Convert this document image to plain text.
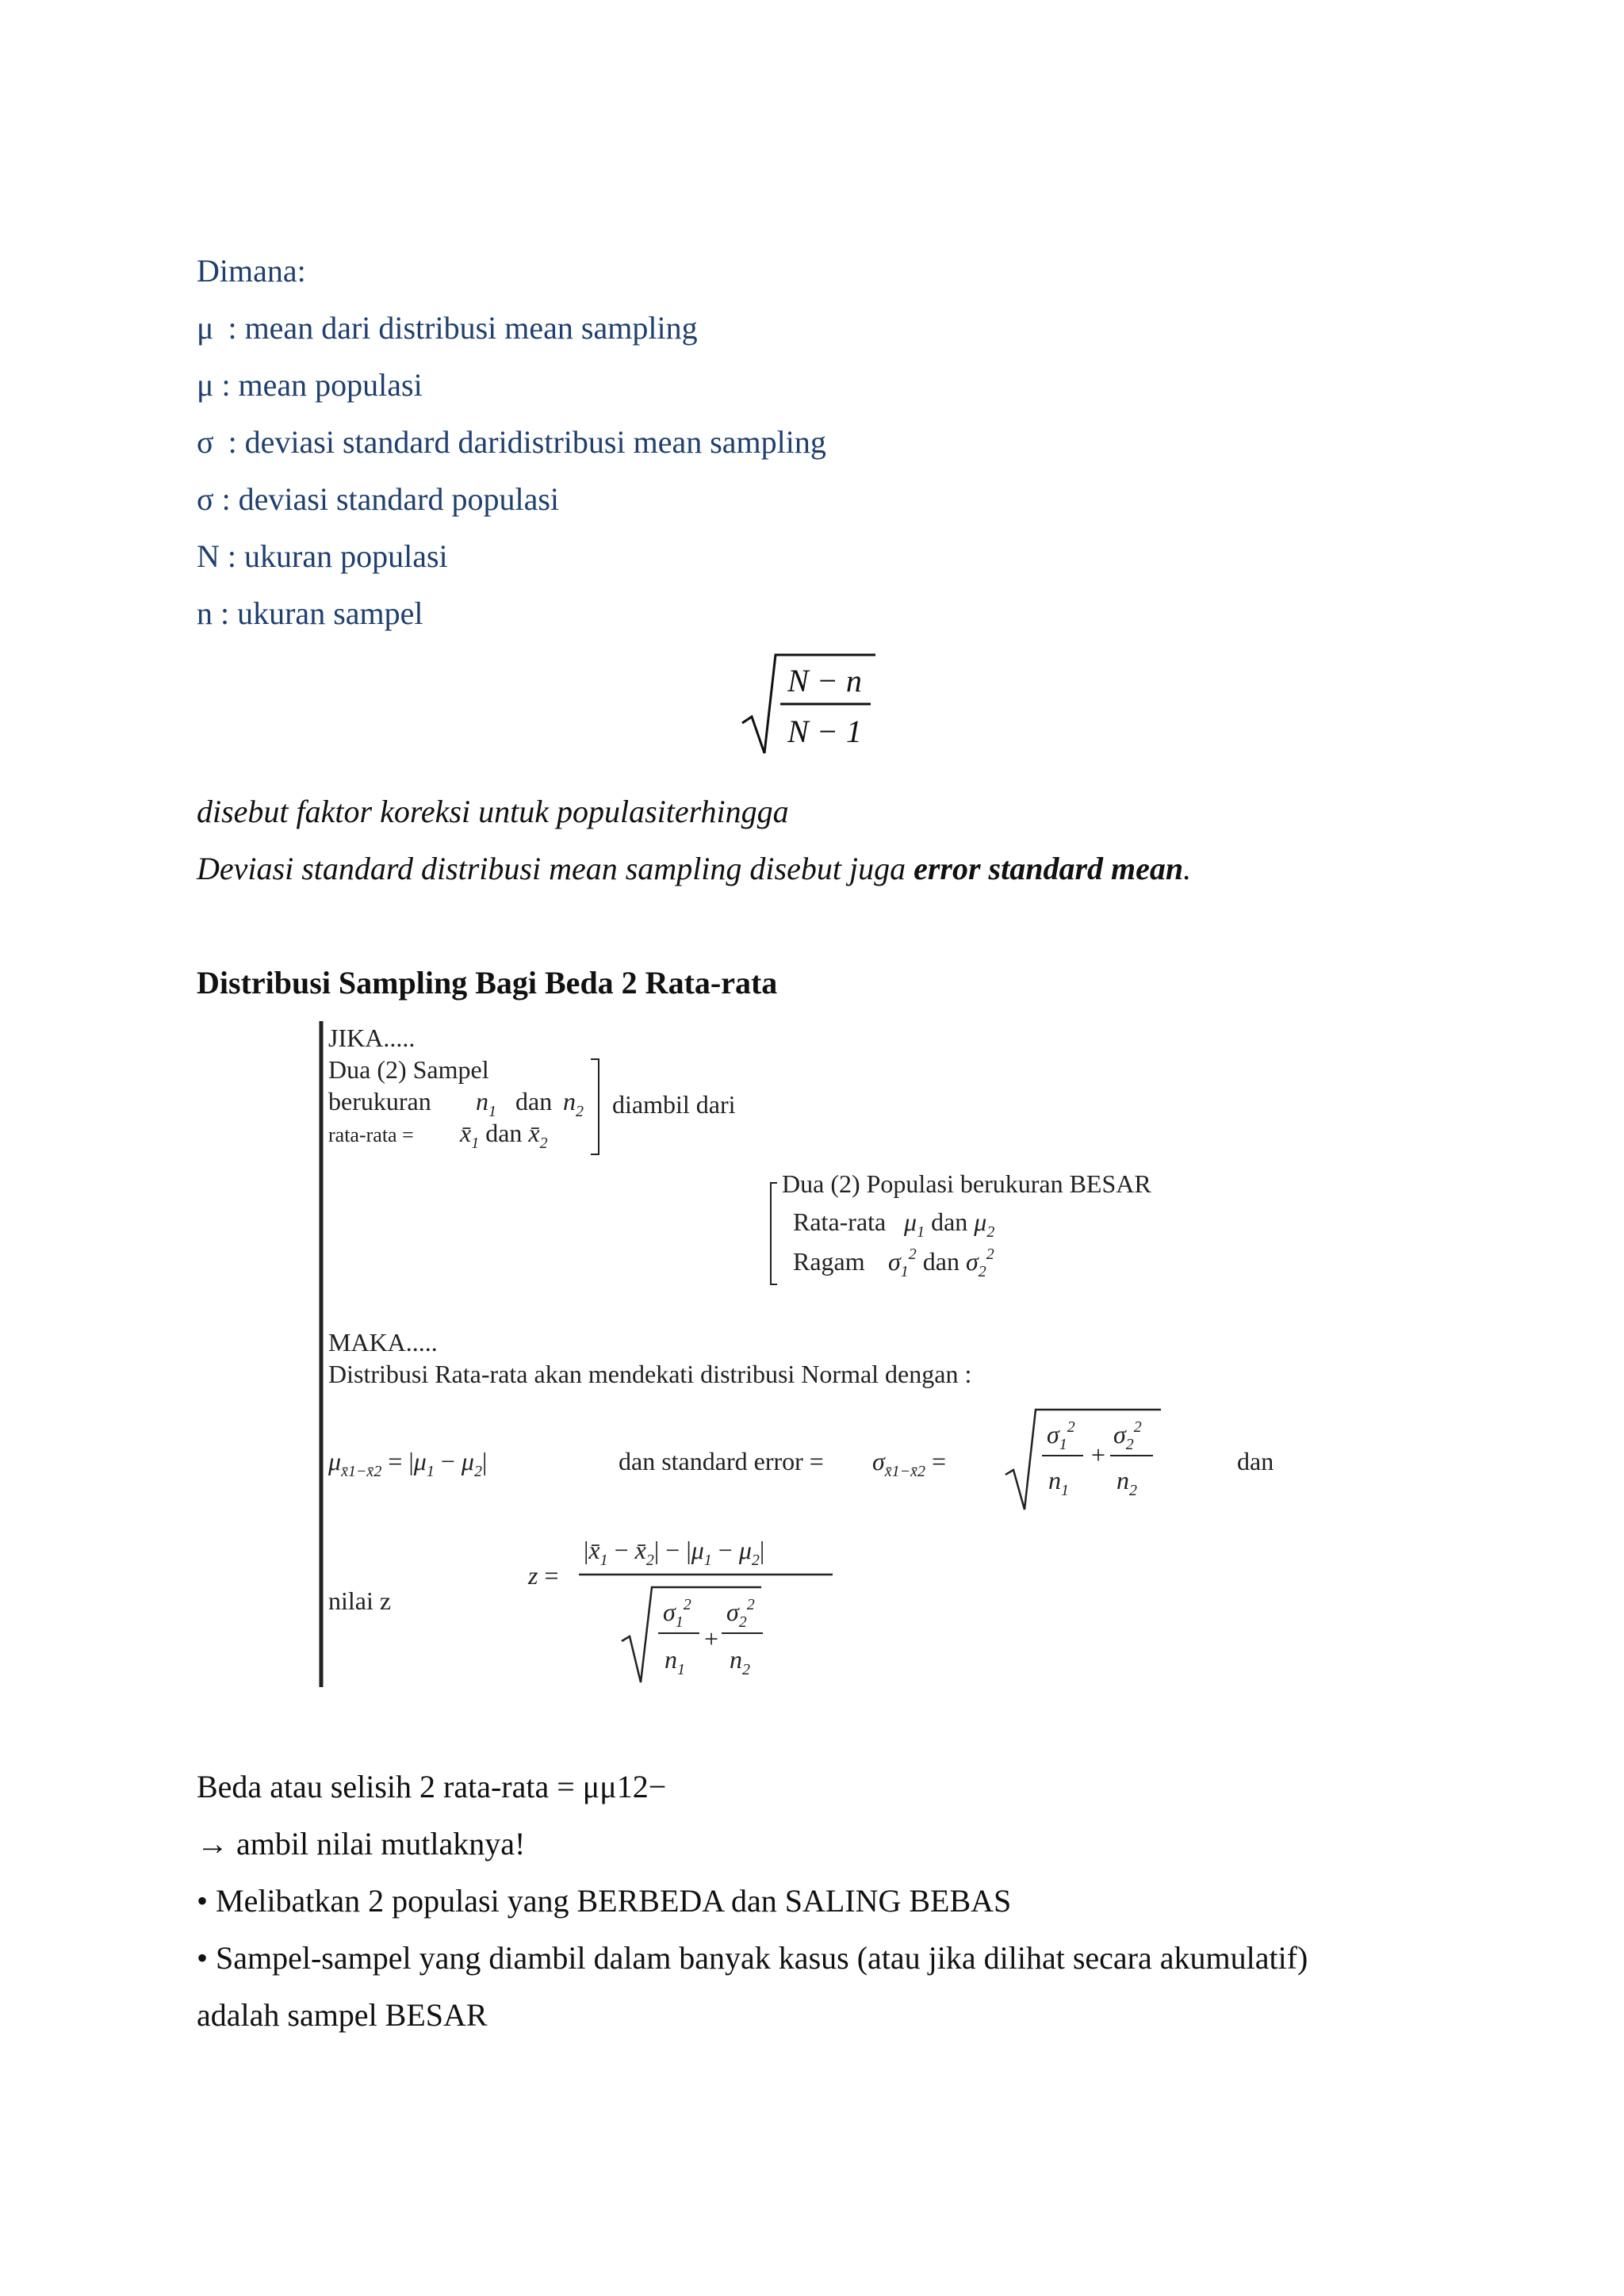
Dimana:
μ  : mean dari distribusi mean sampling
μ : mean populasi
σ  : deviasi standard daridistribusi mean sampling
σ : deviasi standard populasi
N : ukuran populasi
n : ukuran sampel
N − n
N − 1
disebut faktor koreksi untuk populasiterhingga
Deviasi standard distribusi mean sampling disebut juga error standard mean.
Distribusi Sampling Bagi Beda 2 Rata-rata
JIKA.....
Dua (2) Sampel
berukuran $n_1$ dan $n_2$
rata-rata = $x̄_1$ dan $x̄_2$
diambil dari
Dua (2) Populasi berukuran BESAR
Rata-rata $\mu_1$ dan $\mu_2$
Ragam $\sigma_1^2$ dan $\sigma_2^2$
MAKA.....
Distribusi Rata-rata akan mendekati distribusi Normal dengan :
$\mu_{x̄1-x̄2} = |\mu_1 - \mu_2|$	dan standard error = $\sigma_{x̄1-x̄2}$ =
$\sigma_1^2$
$n_1$
+
$\sigma_2^2$
$n_2$
dan
nilai z
z =
$|x̄_1$ − $x̄_2| - |\mu_1 - \mu_2|$
$\sigma_1^2$
$n_1$
+
$\sigma_2^2$
$n_2$
Beda atau selisih 2 rata-rata = μμ12−
→ ambil nilai mutlaknya!
• Melibatkan 2 populasi yang BERBEDA dan SALING BEBAS
• Sampel-sampel yang diambil dalam banyak kasus (atau jika dilihat secara akumulatif)
adalah sampel BESAR
